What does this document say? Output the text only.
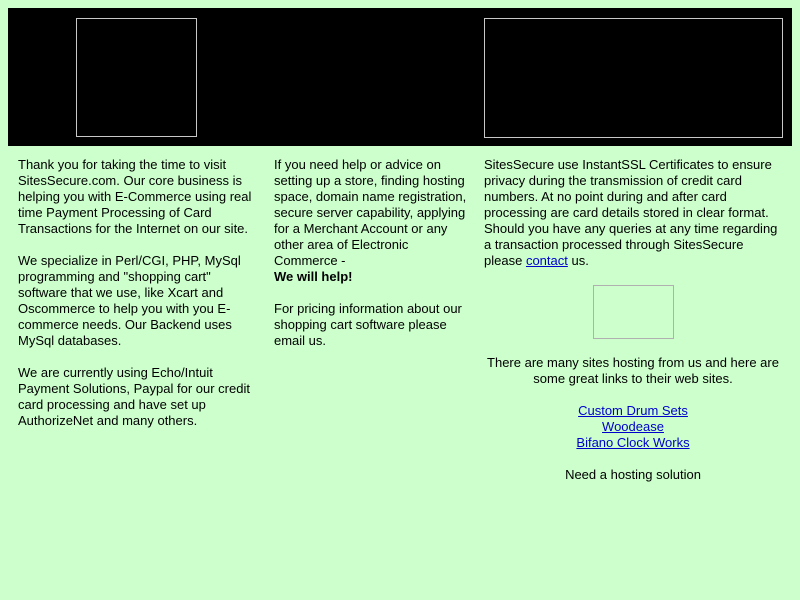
Thank you for taking the time to visit SitesSecure.com. Our core business is helping you with E-Commerce using real time Payment Processing of Card Transactions for the Internet on our site.

We specialize in Perl/CGI, PHP, MySql programming and "shopping cart" software that we use, like Xcart and Oscommerce to help you with you E-commerce needs. Our Backend uses MySql databases.

We are currently using Echo/Intuit Payment Solutions, Paypal for our credit card processing and have set up AuthorizeNet and many others.

If you need help or advice on setting up a store, finding hosting space, domain name registration, secure server capability, applying for a Merchant Account or any other area of Electronic Commerce -
We will help!

For pricing information about our shopping cart software please email us.

SitesSecure use InstantSSL Certificates to ensure privacy during the transmission of credit card numbers. At no point during and after card processing are card details stored in clear format. Should you have any queries at any time regarding a transaction processed through SitesSecure please contact us.

There are many sites hosting from us and here are some great links to their web sites.

Custom Drum Sets
Woodease
Bifano Clock Works

Need a hosting solution
